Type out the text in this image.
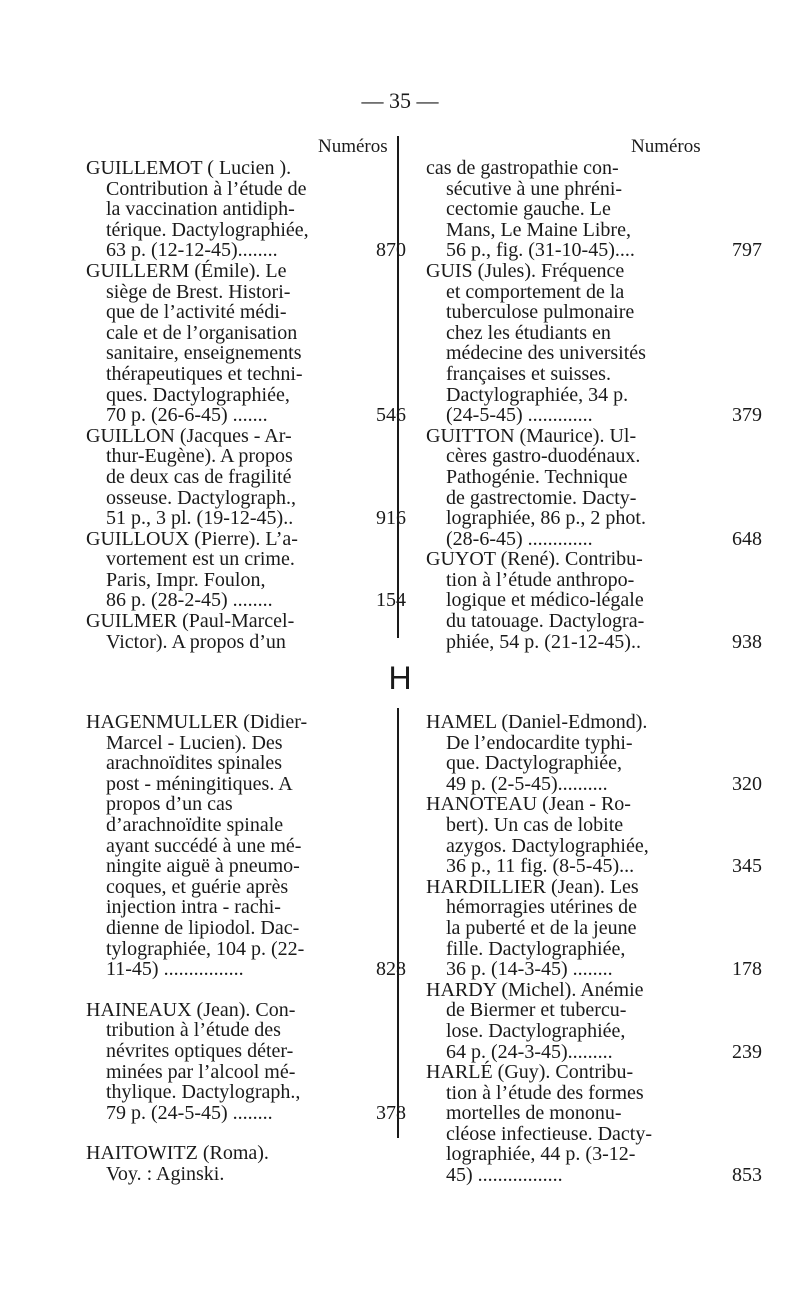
— 35 —
Numéros	Numéros
H
GUILLEMOT ( Lucien ).
Contribution à l’étude de
la vaccination antidiph-
térique. Dactylographiée,
63 p. (12-12-45)........	870
GUILLERM (Émile). Le
siège de Brest. Histori-
que de l’activité médi-
cale et de l’organisation
sanitaire, enseignements
thérapeutiques et techni-
ques. Dactylographiée,
70 p. (26-6-45) .......	546
GUILLON (Jacques - Ar-
thur-Eugène). A propos
de deux cas de fragilité
osseuse. Dactylograph.,
51 p., 3 pl. (19-12-45)..	916
GUILLOUX (Pierre). L’a-
vortement est un crime.
Paris, Impr. Foulon,
86 p. (28-2-45) ........	154
GUILMER (Paul-Marcel-
Victor). A propos d’un
cas de gastropathie con-
sécutive à une phréni-
cectomie gauche. Le
Mans, Le Maine Libre,
56 p., fig. (31-10-45)....	797
GUIS (Jules). Fréquence
et comportement de la
tuberculose pulmonaire
chez les étudiants en
médecine des universités
françaises et suisses.
Dactylographiée, 34 p.
(24-5-45) .............	379
GUITTON (Maurice). Ul-
cères gastro-duodénaux.
Pathogénie. Technique
de gastrectomie. Dacty-
lographiée, 86 p., 2 phot.
(28-6-45) .............	648
GUYOT (René). Contribu-
tion à l’étude anthropo-
logique et médico-légale
du tatouage. Dactylogra-
phiée, 54 p. (21-12-45)..	938
HAGENMULLER (Didier-
Marcel - Lucien). Des
arachnoïdites spinales
post - méningitiques. A
propos d’un cas
d’arachnoïdite spinale
ayant succédé à une mé-
ningite aiguë à pneumo-
coques, et guérie après
injection intra - rachi-
dienne de lipiodol. Dac-
tylographiée, 104 p. (22-
11-45) ................	828
HAINEAUX (Jean). Con-
tribution à l’étude des
névrites optiques déter-
minées par l’alcool mé-
thylique. Dactylograph.,
79 p. (24-5-45) ........	378
HAITOWITZ (Roma).
Voy. : Aginski.
HAMEL (Daniel-Edmond).
De l’endocardite typhi-
que. Dactylographiée,
49 p. (2-5-45)..........	320
HANOTEAU (Jean - Ro-
bert). Un cas de lobite
azygos. Dactylographiée,
36 p., 11 fig. (8-5-45)...	345
HARDILLIER (Jean). Les
hémorragies utérines de
la puberté et de la jeune
fille. Dactylographiée,
36 p. (14-3-45) ........	178
HARDY (Michel). Anémie
de Biermer et tubercu-
lose. Dactylographiée,
64 p. (24-3-45).........	239
HARLÉ (Guy). Contribu-
tion à l’étude des formes
mortelles de mononu-
cléose infectieuse. Dacty-
lographiée, 44 p. (3-12-
45) .................	853
